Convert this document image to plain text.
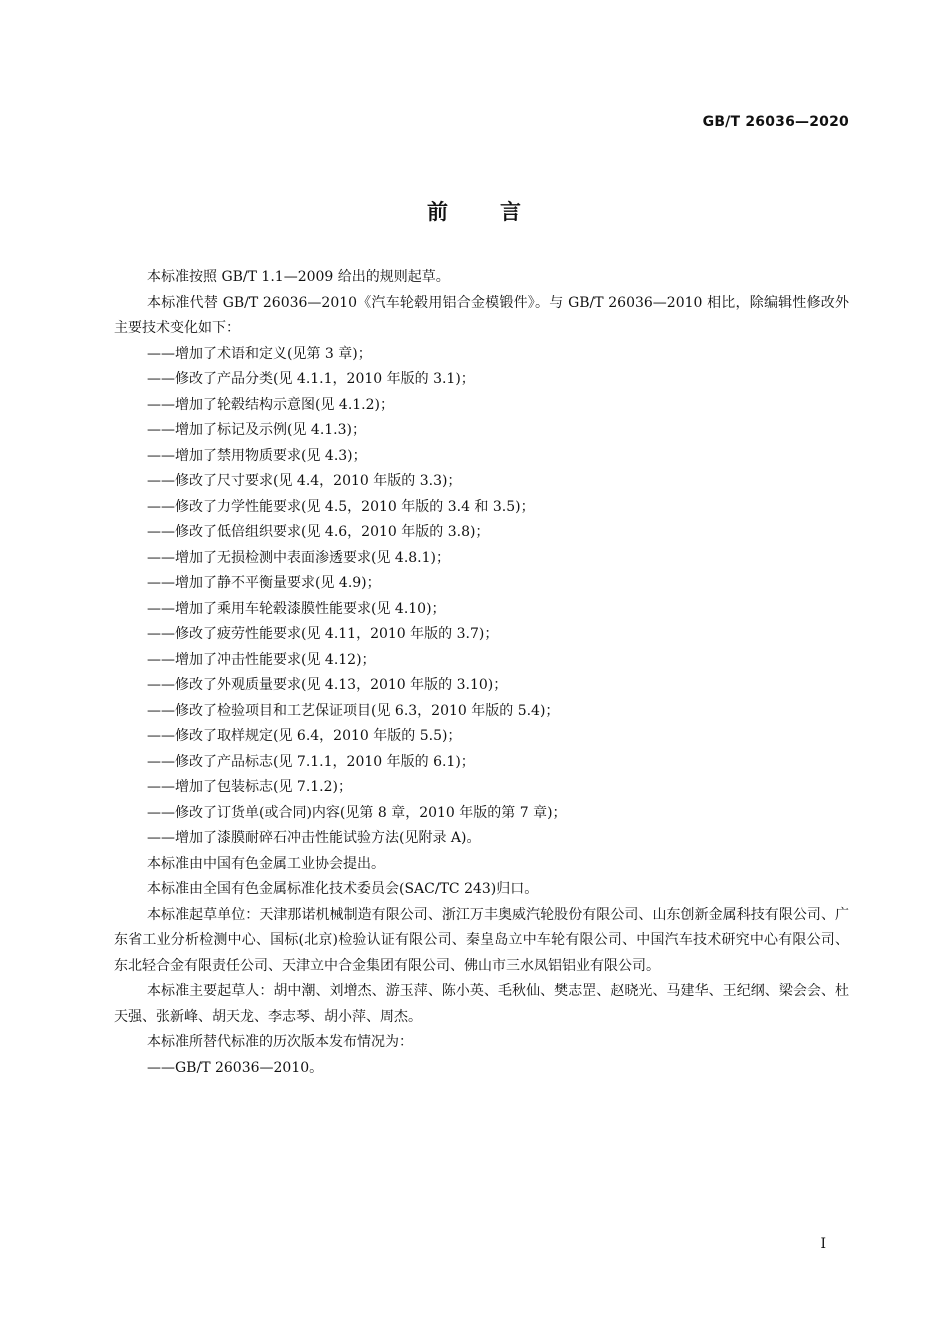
GB/T 26036—2020
前 言

本标准按照 GB/T 1.1—2009 给出的规则起草。

本标准代替 GB/T 26036—2010《汽车轮毂用铝合金模锻件》。与 GB/T 26036—2010 相比，除编辑性修改外主要技术变化如下：

——增加了术语和定义(见第 3 章)；

——修改了产品分类(见 4.1.1，2010 年版的 3.1)；

——增加了轮毂结构示意图(见 4.1.2)；

——增加了标记及示例(见 4.1.3)；

——增加了禁用物质要求(见 4.3)；

——修改了尺寸要求(见 4.4，2010 年版的 3.3)；

——修改了力学性能要求(见 4.5，2010 年版的 3.4 和 3.5)；

——修改了低倍组织要求(见 4.6，2010 年版的 3.8)；

——增加了无损检测中表面渗透要求(见 4.8.1)；

——增加了静不平衡量要求(见 4.9)；

——增加了乘用车轮毂漆膜性能要求(见 4.10)；

——修改了疲劳性能要求(见 4.11，2010 年版的 3.7)；

——增加了冲击性能要求(见 4.12)；

——修改了外观质量要求(见 4.13，2010 年版的 3.10)；

——修改了检验项目和工艺保证项目(见 6.3，2010 年版的 5.4)；

——修改了取样规定(见 6.4，2010 年版的 5.5)；

——修改了产品标志(见 7.1.1，2010 年版的 6.1)；

——增加了包装标志(见 7.1.2)；

——修改了订货单(或合同)内容(见第 8 章，2010 年版的第 7 章)；

——增加了漆膜耐碎石冲击性能试验方法(见附录 A)。

本标准由中国有色金属工业协会提出。

本标准由全国有色金属标准化技术委员会(SAC/TC 243)归口。

本标准起草单位：天津那诺机械制造有限公司、浙江万丰奥威汽轮股份有限公司、山东创新金属科技有限公司、广东省工业分析检测中心、国标(北京)检验认证有限公司、秦皇岛立中车轮有限公司、中国汽车技术研究中心有限公司、东北轻合金有限责任公司、天津立中合金集团有限公司、佛山市三水凤铝铝业有限公司。

本标准主要起草人：胡中潮、刘增杰、游玉萍、陈小英、毛秋仙、樊志罡、赵晓光、马建华、王纪纲、梁会会、杜天强、张新峰、胡天龙、李志琴、胡小萍、周杰。

本标准所替代标准的历次版本发布情况为：

——GB/T 26036—2010。

I
